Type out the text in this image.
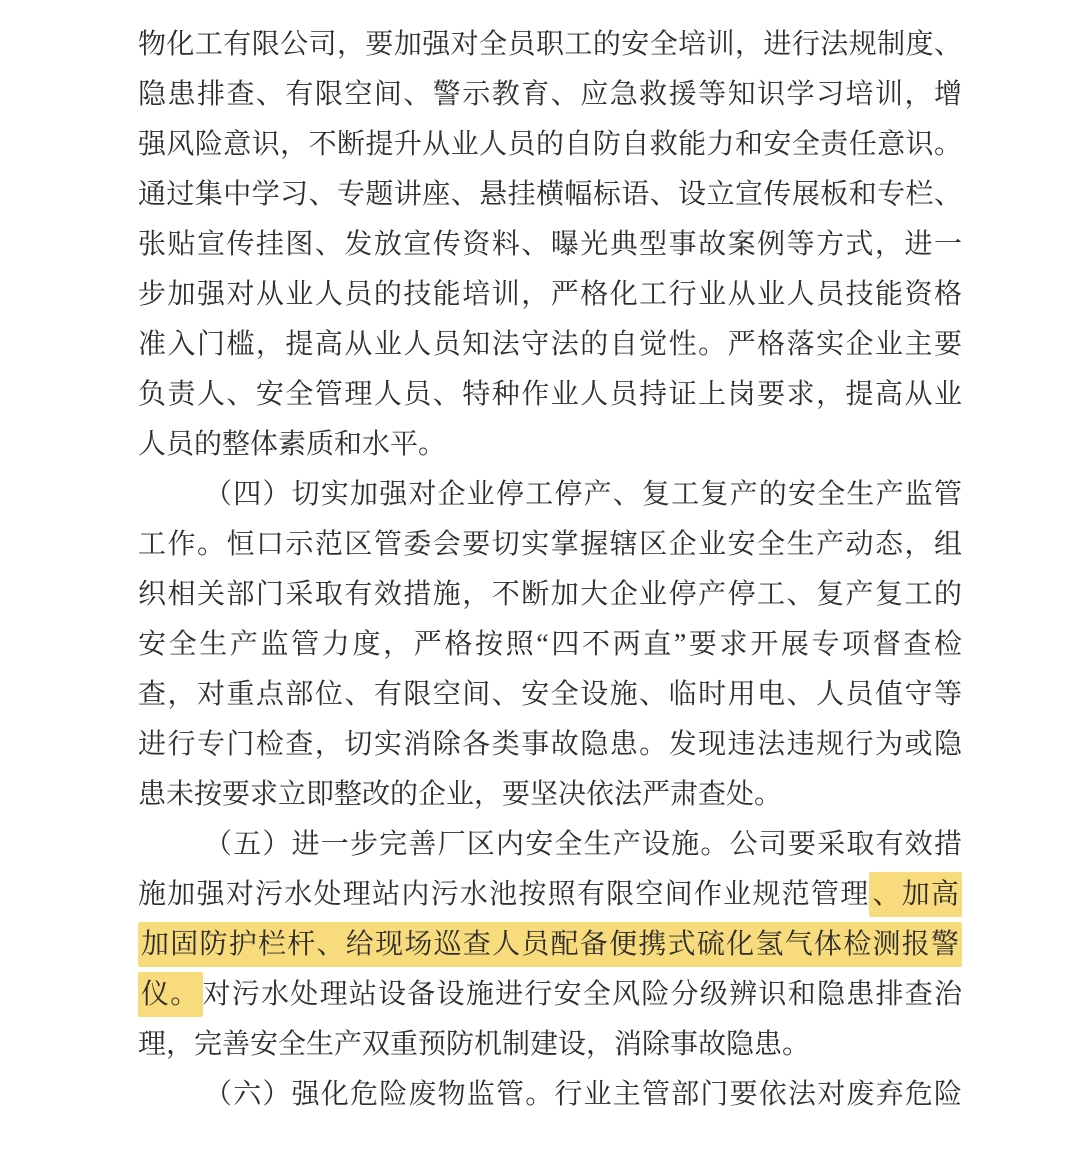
物化工有限公司，要加强对全员职工的安全培训，进行法规制度、
隐患排查、有限空间、警示教育、应急救援等知识学习培训，增
强风险意识，不断提升从业人员的自防自救能力和安全责任意识。
通过集中学习、专题讲座、悬挂横幅标语、设立宣传展板和专栏、
张贴宣传挂图、发放宣传资料、曝光典型事故案例等方式，进一
步加强对从业人员的技能培训，严格化工行业从业人员技能资格
准入门槛，提高从业人员知法守法的自觉性。严格落实企业主要
负责人、安全管理人员、特种作业人员持证上岗要求，提高从业
人员的整体素质和水平。
（四）切实加强对企业停工停产、复工复产的安全生产监管
工作。恒口示范区管委会要切实掌握辖区企业安全生产动态，组
织相关部门采取有效措施，不断加大企业停产停工、复产复工的
安全生产监管力度，严格按照“四不两直”要求开展专项督查检
查，对重点部位、有限空间、安全设施、临时用电、人员值守等
进行专门检查，切实消除各类事故隐患。发现违法违规行为或隐
患未按要求立即整改的企业，要坚决依法严肃查处。
（五）进一步完善厂区内安全生产设施。公司要采取有效措
施加强对污水处理站内污水池按照有限空间作业规范管理 、加高
加固防护栏杆、给现场巡查人员配备便携式硫化氢气体检测报警
仪。 对污水处理站设备设施进行安全风险分级辨识和隐患排查治
理，完善安全生产双重预防机制建设，消除事故隐患。
（六）强化危险废物监管。行业主管部门要依法对废弃危险
